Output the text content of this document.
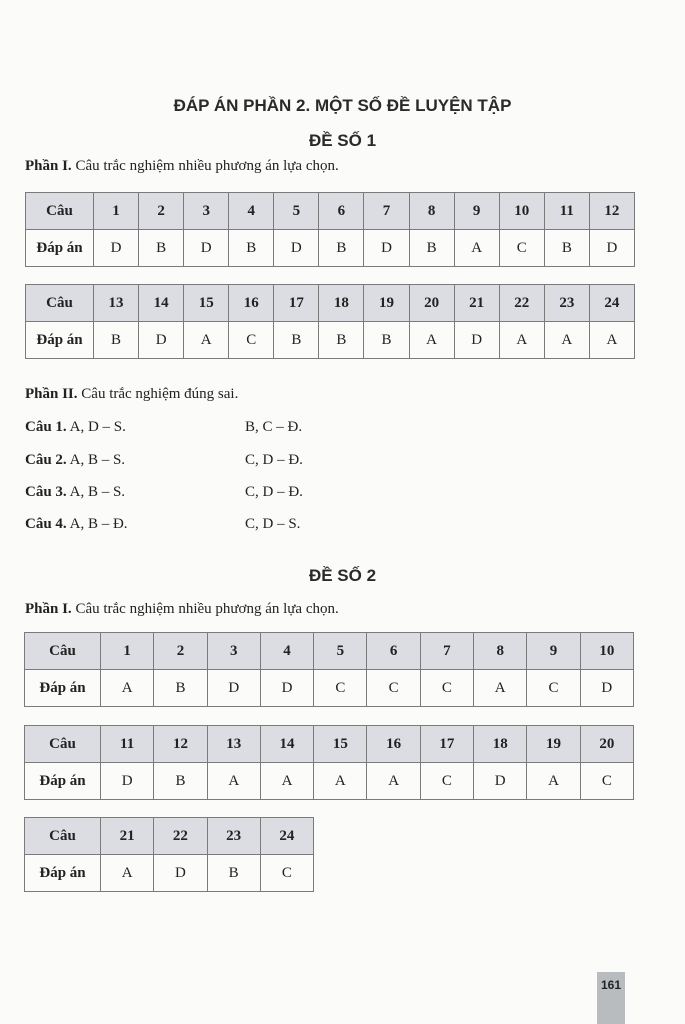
ĐÁP ÁN PHẦN 2. MỘT SỐ ĐỀ LUYỆN TẬP
ĐỀ SỐ 1
Phần I. Câu trắc nghiệm nhiều phương án lựa chọn.
Câu	1	2	3	4	5	6	7	8	9	10	11	12
Đáp án	D	B	D	B	D	B	D	B	A	C	B	D
Câu	13	14	15	16	17	18	19	20	21	22	23	24
Đáp án	B	D	A	C	B	B	B	A	D	A	A	A
Phần II. Câu trắc nghiệm đúng sai.
Câu 1. A, D – S.	B, C – Đ.
Câu 2. A, B – S.	C, D – Đ.
Câu 3. A, B – S.	C, D – Đ.
Câu 4. A, B – Đ.	C, D – S.
ĐỀ SỐ 2
Phần I. Câu trắc nghiệm nhiều phương án lựa chọn.
Câu	1	2	3	4	5	6	7	8	9	10
Đáp án	A	B	D	D	C	C	C	A	C	D
Câu	11	12	13	14	15	16	17	18	19	20
Đáp án	D	B	A	A	A	A	C	D	A	C
Câu	21	22	23	24
Đáp án	A	D	B	C
161
